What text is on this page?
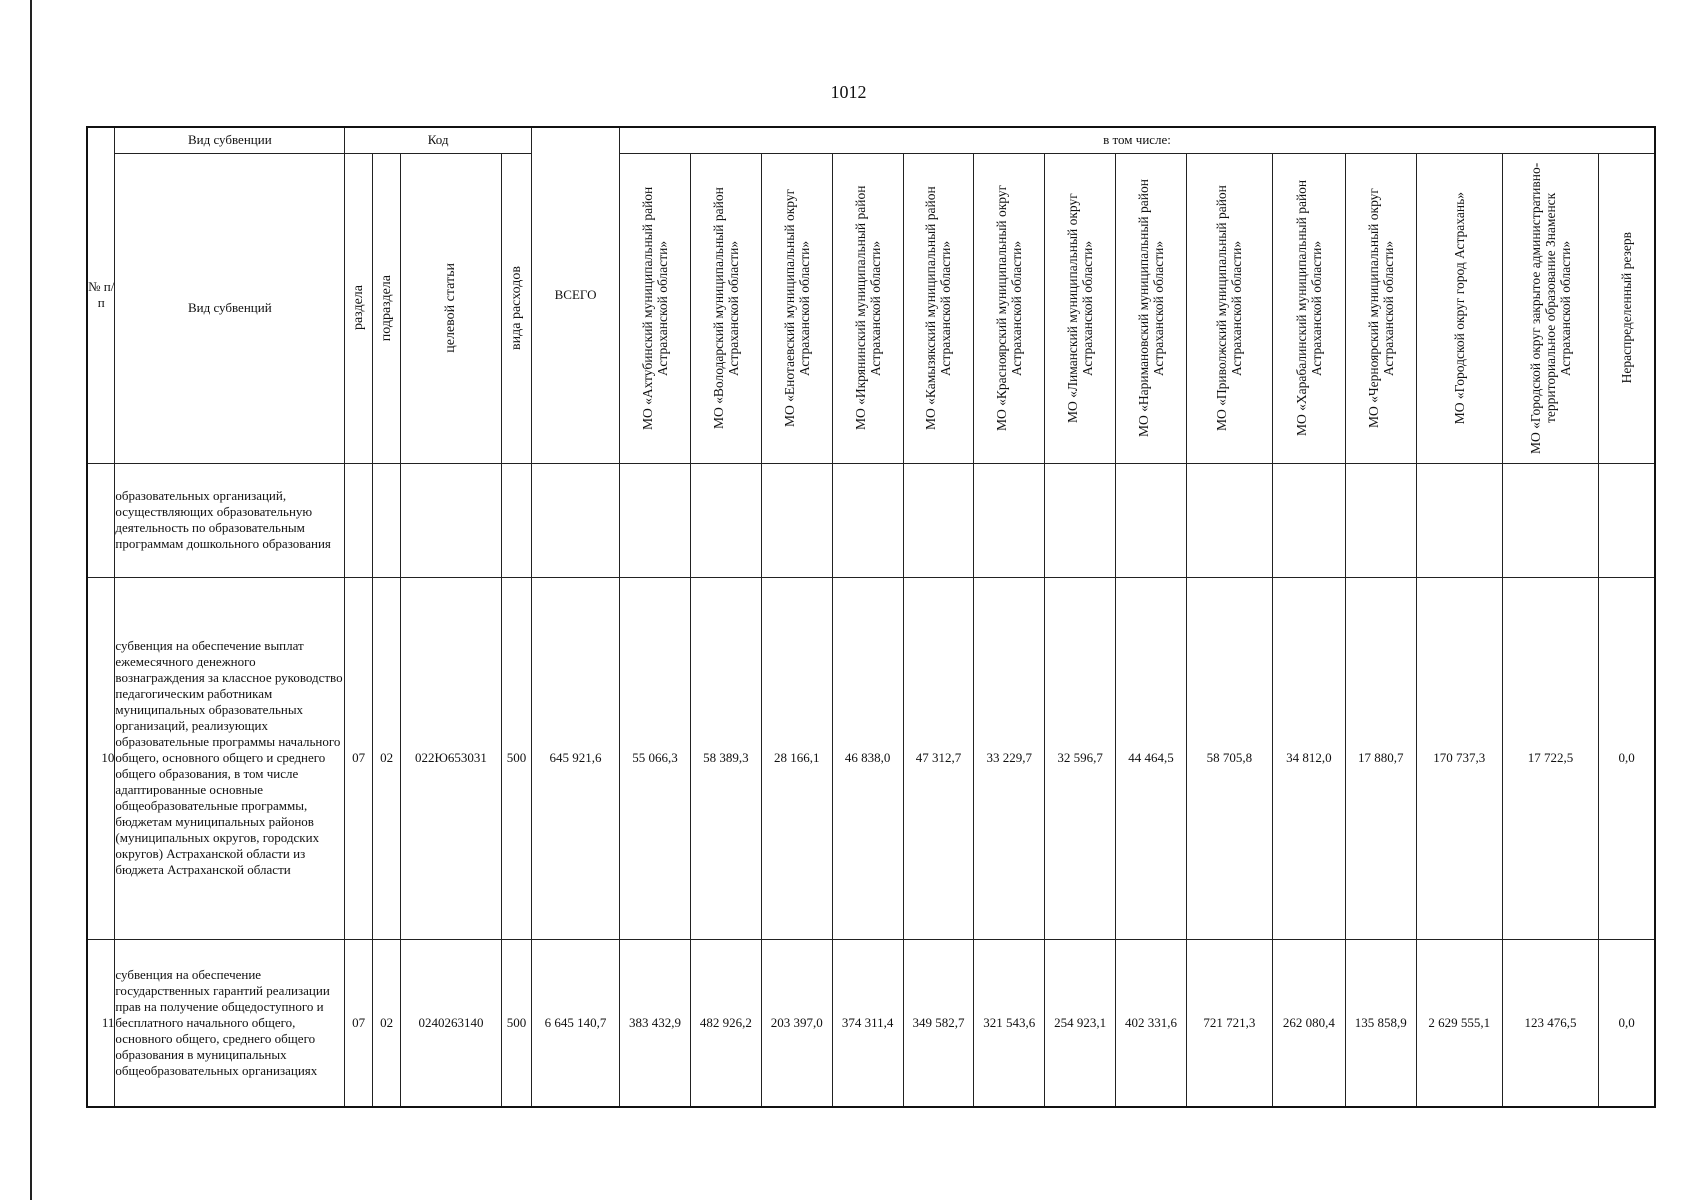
1012
№ п/п	Вид субвенции	Код				ВСЕГО	в том числе:													
	Вид субвенций	раздела	подраздела	целевой статьи	вида расходов		МО «Ахтубинский муниципальный район Астраханской области»	МО «Володарский муниципальный район Астраханской области»	МО «Енотаевский муниципальный округ Астраханской области»	МО «Икрянинский муниципальный район Астраханской области»	МО «Камызякский муниципальный район Астраханской области»	МО «Красноярский муниципальный округ Астраханской области»	МО «Лиманский муниципальный округ Астраханской области»	МО «Наримановский муниципальный район Астраханской области»	МО «Приволжский муниципальный район Астраханской области»	МО «Харабалинский муниципальный район Астраханской области»	МО «Черноярский муниципальный округ Астраханской области»	МО «Городской округ город Астрахань»	МО «Городской округ закрытое административно-территориальное образование Знаменск Астраханской области»	Нераспределенный резерв

	образовательных организаций, осуществляющих образовательную деятельность по образовательным программам дошкольного образования																			
10	субвенция на обеспечение выплат ежемесячного денежного вознаграждения за классное руководство педагогическим работникам муниципальных образовательных организаций, реализующих образовательные программы начального общего, основного общего и среднего общего образования, в том числе адаптированные основные общеобразовательные программы, бюджетам муниципальных районов (муниципальных округов, городских округов) Астраханской области из бюджета Астраханской области	07	02	022Ю653031	500	645 921,6	55 066,3	58 389,3	28 166,1	46 838,0	47 312,7	33 229,7	32 596,7	44 464,5	58 705,8	34 812,0	17 880,7	170 737,3	17 722,5	0,0
11	субвенция на обеспечение государственных гарантий реализации прав на получение общедоступного и бесплатного начального общего, основного общего, среднего общего образования в муниципальных общеобразовательных организациях	07	02	0240263140	500	6 645 140,7	383 432,9	482 926,2	203 397,0	374 311,4	349 582,7	321 543,6	254 923,1	402 331,6	721 721,3	262 080,4	135 858,9	2 629 555,1	123 476,5	0,0
